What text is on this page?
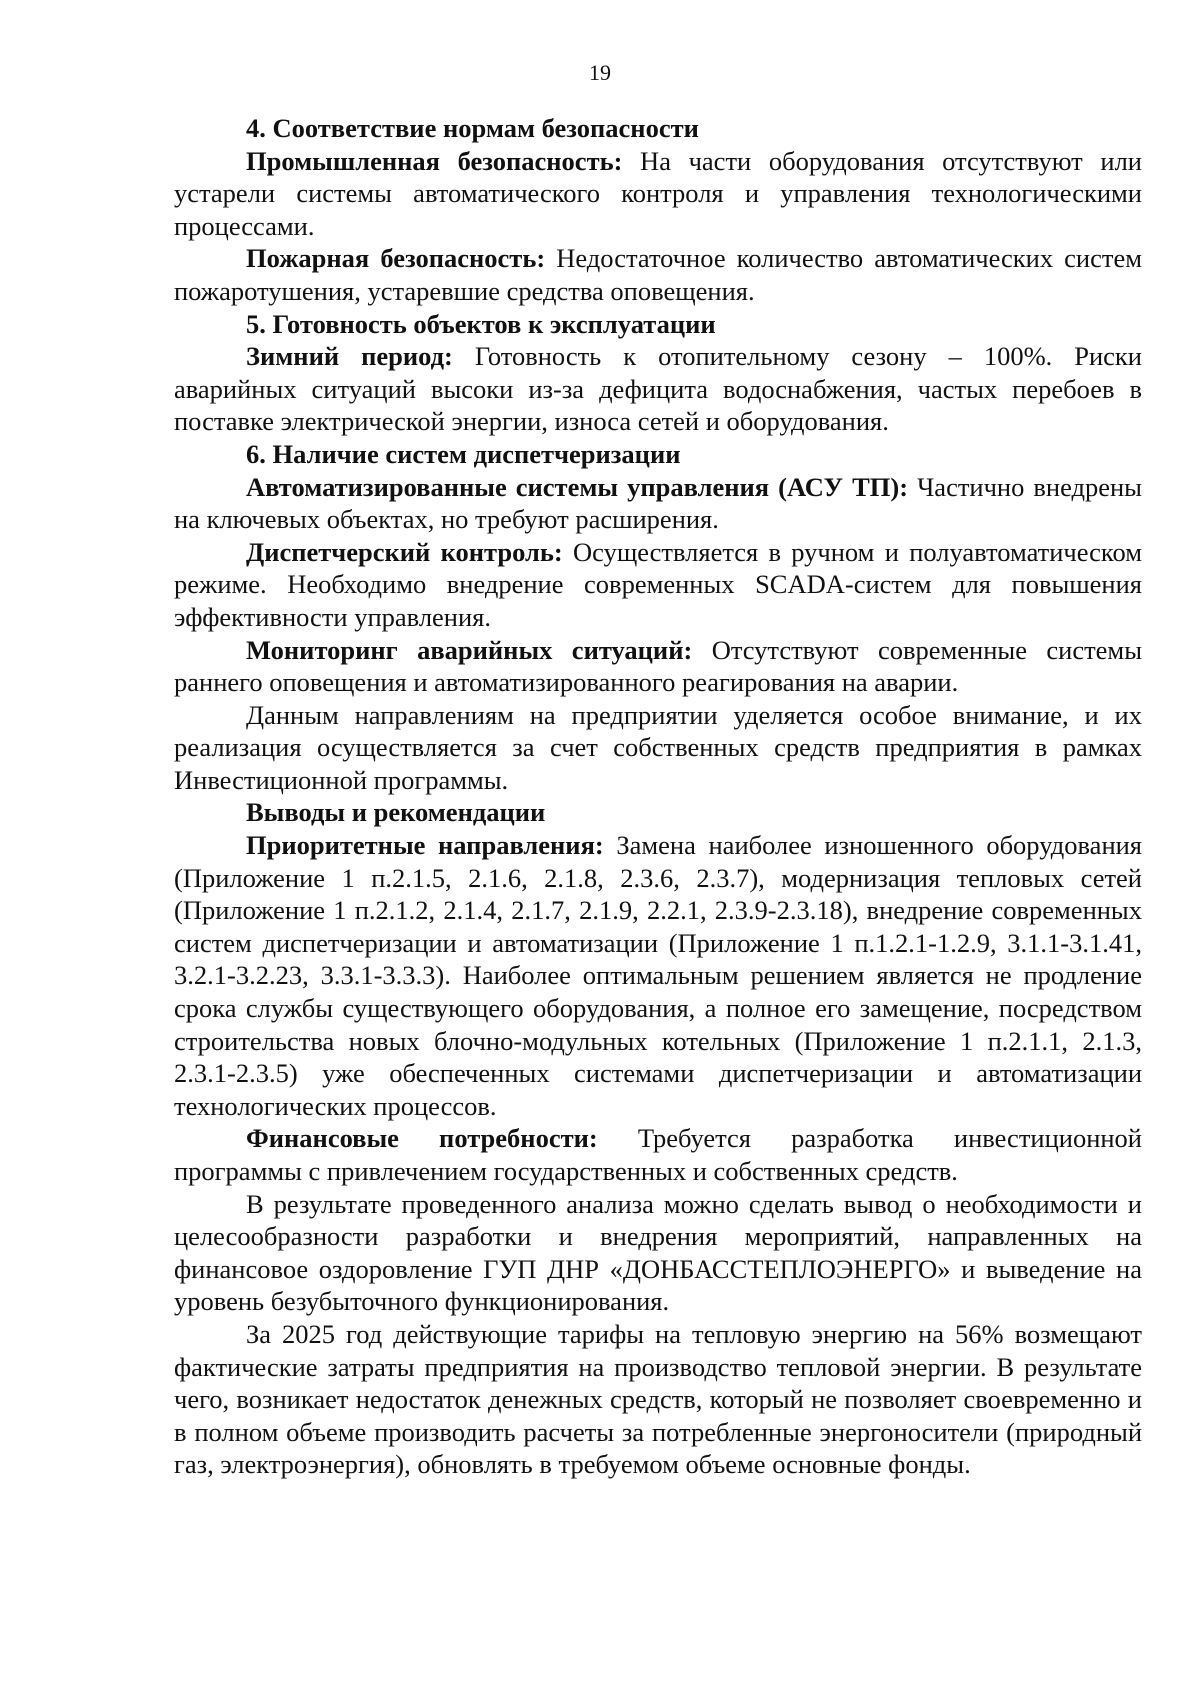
19

4. Соответствие нормам безопасности

Промышленная безопасность: На части оборудования отсутствуют или устарели системы автоматического контроля и управления технологическими процессами.

Пожарная безопасность: Недостаточное количество автоматических систем пожаротушения, устаревшие средства оповещения.

5. Готовность объектов к эксплуатации

Зимний период: Готовность к отопительному сезону – 100%. Риски аварийных ситуаций высоки из-за дефицита водоснабжения, частых перебоев в поставке электрической энергии, износа сетей и оборудования.

6. Наличие систем диспетчеризации

Автоматизированные системы управления (АСУ ТП): Частично внедрены на ключевых объектах, но требуют расширения.

Диспетчерский контроль: Осуществляется в ручном и полуавтоматическом режиме. Необходимо внедрение современных SCADA-систем для повышения эффективности управления.

Мониторинг аварийных ситуаций: Отсутствуют современные системы раннего оповещения и автоматизированного реагирования на аварии.

Данным направлениям на предприятии уделяется особое внимание, и их реализация осуществляется за счет собственных средств предприятия в рамках Инвестиционной программы.

Выводы и рекомендации

Приоритетные направления: Замена наиболее изношенного оборудования (Приложение 1 п.2.1.5, 2.1.6, 2.1.8, 2.3.6, 2.3.7), модернизация тепловых сетей (Приложение 1 п.2.1.2, 2.1.4, 2.1.7, 2.1.9, 2.2.1, 2.3.9-2.3.18), внедрение современных систем диспетчеризации и автоматизации (Приложение 1 п.1.2.1-1.2.9, 3.1.1-3.1.41, 3.2.1-3.2.23, 3.3.1-3.3.3). Наиболее оптимальным решением является не продление срока службы существующего оборудования, а полное его замещение, посредством строительства новых блочно-модульных котельных (Приложение 1 п.2.1.1, 2.1.3, 2.3.1-2.3.5) уже обеспеченных системами диспетчеризации и автоматизации технологических процессов.

Финансовые потребности: Требуется разработка инвестиционной программы с привлечением государственных и собственных средств.

В результате проведенного анализа можно сделать вывод о необходимости и целесообразности разработки и внедрения мероприятий, направленных на финансовое оздоровление ГУП ДНР «ДОНБАССТЕПЛОЭНЕРГО» и выведение на уровень безубыточного функционирования.

За 2025 год действующие тарифы на тепловую энергию на 56% возмещают фактические затраты предприятия на производство тепловой энергии. В результате чего, возникает недостаток денежных средств, который не позволяет своевременно и в полном объеме производить расчеты за потребленные энергоносители (природный газ, электроэнергия), обновлять в требуемом объеме основные фонды.
